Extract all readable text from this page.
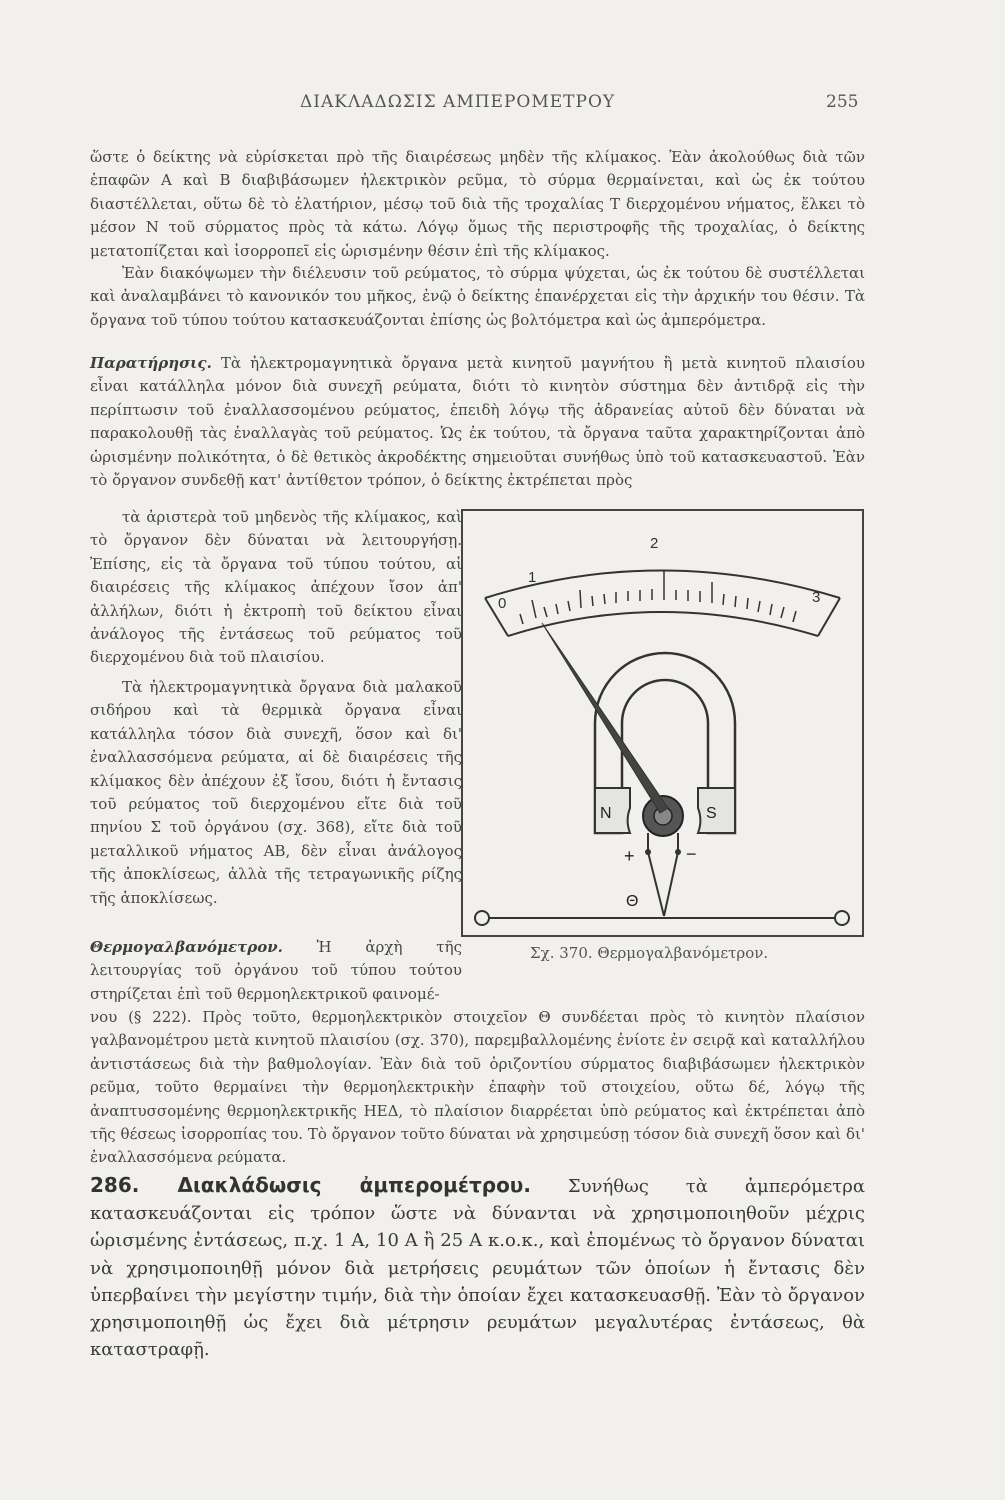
ΔΙΑΚΛΑΔΩΣΙΣ ΑΜΠΕΡΟΜΕΤΡΟΥ	255

ὥστε ὁ δείκτης νὰ εὑρίσκεται πρὸ τῆς διαιρέσεως μηδὲν τῆς κλίμακος. Ἐὰν ἀκολούθως διὰ τῶν ἐπαφῶν Α καὶ Β διαβιβάσωμεν ἠλεκτρικὸν ρεῦμα, τὸ σύρμα θερμαίνεται, καὶ ὡς ἐκ τούτου διαστέλλεται, οὕτω δὲ τὸ ἐλατήριον, μέσῳ τοῦ διὰ τῆς τροχαλίας Τ διερχομένου νήματος, ἕλκει τὸ μέσον Ν τοῦ σύρματος πρὸς τὰ κάτω. Λόγῳ ὅμως τῆς περιστροφῆς τῆς τροχαλίας, ὁ δείκτης μετατοπίζεται καὶ ἰσορροπεῖ εἰς ὡρισμένην θέσιν ἐπὶ τῆς κλίμακος.

Ἐὰν διακόψωμεν τὴν διέλευσιν τοῦ ρεύματος, τὸ σύρμα ψύχεται, ὡς ἐκ τούτου δὲ συστέλλεται καὶ ἀναλαμβάνει τὸ κανονικόν του μῆκος, ἐνῷ ὁ δείκτης ἐπανέρχεται εἰς τὴν ἀρχικήν του θέσιν. Τὰ ὄργανα τοῦ τύπου τούτου κατασκευάζονται ἐπίσης ὡς βολτόμετρα καὶ ὡς ἀμπερόμετρα.

Παρατήρησις. Τὰ ἠλεκτρομαγνητικὰ ὄργανα μετὰ κινητοῦ μαγνήτου ἢ μετὰ κινητοῦ πλαισίου εἶναι κατάλληλα μόνον διὰ συνεχῆ ρεύματα, διότι τὸ κινητὸν σύστημα δὲν ἀντιδρᾷ εἰς τὴν περίπτωσιν τοῦ ἐναλλασσομένου ρεύματος, ἐπειδὴ λόγῳ τῆς ἀδρανείας αὐτοῦ δὲν δύναται νὰ παρακολουθῇ τὰς ἐναλλαγὰς τοῦ ρεύματος. Ὡς ἐκ τούτου, τὰ ὄργανα ταῦτα χαρακτηρίζονται ἀπὸ ὡρισμένην πολικότητα, ὁ δὲ θετικὸς ἀκροδέκτης σημειοῦται συνήθως ὑπὸ τοῦ κατασκευαστοῦ. Ἐὰν τὸ ὄργανον συνδεθῇ κατ' ἀντίθετον τρόπον, ὁ δείκτης ἐκτρέπεται πρὸς

τὰ ἀριστερὰ τοῦ μηδενὸς τῆς κλίμακος, καὶ τὸ ὄργανον δὲν δύναται νὰ λειτουργήσῃ. Ἐπίσης, εἰς τὰ ὄργανα τοῦ τύπου τούτου, αἱ διαιρέσεις τῆς κλίμακος ἀπέχουν ἴσον ἀπ' ἀλλήλων, διότι ἡ ἐκτροπὴ τοῦ δείκτου εἶναι ἀνάλογος τῆς ἐντάσεως τοῦ ρεύματος τοῦ διερχομένου διὰ τοῦ πλαισίου.

Τὰ ἠλεκτρομαγνητικὰ ὄργανα διὰ μαλακοῦ σιδήρου καὶ τὰ θερμικὰ ὄργανα εἶναι κατάλληλα τόσον διὰ συνεχῆ, ὅσον καὶ δι' ἐναλλασσόμενα ρεύματα, αἱ δὲ διαιρέσεις τῆς κλίμακος δὲν ἀπέχουν ἐξ ἴσου, διότι ἡ ἔντασις τοῦ ρεύματος τοῦ διερχομένου εἴτε διὰ τοῦ πηνίου Σ τοῦ ὀργάνου (σχ. 368), εἴτε διὰ τοῦ μεταλλικοῦ νήματος ΑΒ, δὲν εἶναι ἀνάλογος τῆς ἀποκλίσεως, ἀλλὰ τῆς τετραγωνικῆς ρίζης τῆς ἀποκλίσεως.

Θερμογαλβανόμετρον. Ἡ ἀρχὴ τῆς λειτουργίας τοῦ ὀργάνου τοῦ τύπου τούτου στηρίζεται ἐπὶ τοῦ θερμοηλεκτρικοῦ φαινομέ-

νου (§ 222). Πρὸς τοῦτο, θερμοηλεκτρικὸν στοιχεῖον Θ συνδέεται πρὸς τὸ κινητὸν πλαίσιον γαλβανομέτρου μετὰ κινητοῦ πλαισίου (σχ. 370), παρεμβαλλομένης ἐνίοτε ἐν σειρᾷ καὶ καταλλήλου ἀντιστάσεως διὰ τὴν βαθμολογίαν. Ἐὰν διὰ τοῦ ὁριζοντίου σύρματος διαβιβάσωμεν ἠλεκτρικὸν ρεῦμα, τοῦτο θερμαίνει τὴν θερμοηλεκτρικὴν ἐπαφὴν τοῦ στοιχείου, οὕτω δέ, λόγῳ τῆς ἀναπτυσσομένης θερμοηλεκτρικῆς ΗΕΔ, τὸ πλαίσιον διαρρέεται ὑπὸ ρεύματος καὶ ἐκτρέπεται ἀπὸ τῆς θέσεως ἰσορροπίας του. Τὸ ὄργανον τοῦτο δύναται νὰ χρησιμεύσῃ τόσον διὰ συνεχῆ ὅσον καὶ δι' ἐναλλασσόμενα ρεύματα.

286. Διακλάδωσις ἀμπερομέτρου. Συνήθως τὰ ἀμπερόμετρα κατασκευάζονται εἰς τρόπον ὥστε νὰ δύνανται νὰ χρησιμοποιηθοῦν μέχρις ὡρισμένης ἐντάσεως, π.χ. 1 Α, 10 Α ἢ 25 Α κ.ο.κ., καὶ ἑπομένως τὸ ὄργανον δύναται νὰ χρησιμοποιηθῇ μόνον διὰ μετρήσεις ρευμάτων τῶν ὁποίων ἡ ἔντασις δὲν ὑπερβαίνει τὴν μεγίστην τιμήν, διὰ τὴν ὁποίαν ἔχει κατασκευασθῇ. Ἐὰν τὸ ὄργανον χρησιμοποιηθῇ ὡς ἔχει διὰ μέτρησιν ρευμάτων μεγαλυτέρας ἐντάσεως, θὰ καταστραφῇ.

0
1
2
3
N	S
+	−
Θ
Σχ. 370. Θερμογαλβανόμετρον.
